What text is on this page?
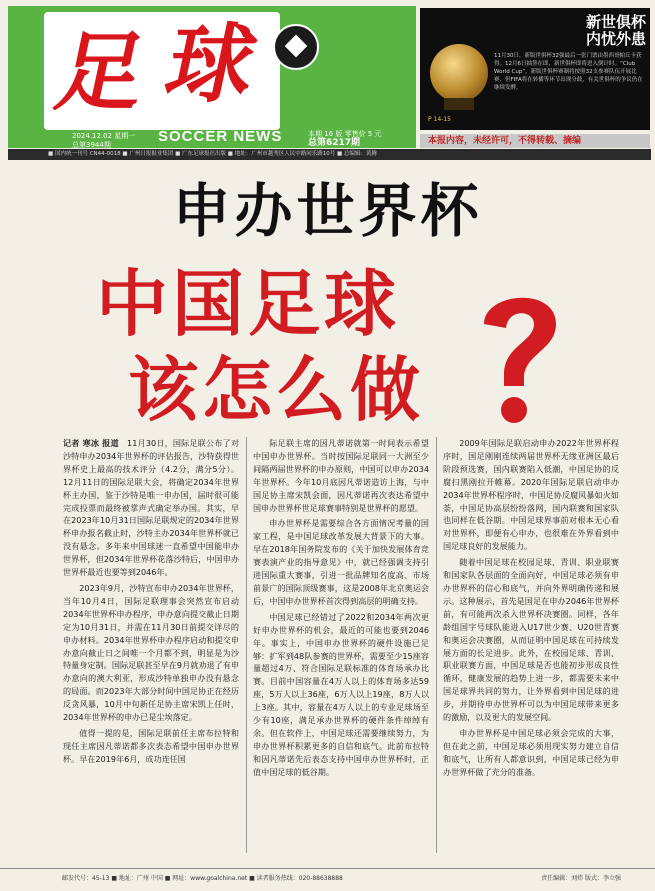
足 球
2024.12.02 星期一
总第3944期	SOCCER NEWS	本期 16 版 零售价 5 元
总第6217期
新世俱杯
内忧外患
11月30日，新版世俱杯32强最后一张门票由墨西哥帕丘卡获得。12月6日抽签在即，新世俱杯即将进入倒计时。“Club World Cup”，新版世俱杯赛制将按照32支参赛队伍开展比赛，但FIFA将在转播等环节出现分歧，有关世俱杯的争议仍在继续发酵。
P 14-15
本报内容，未经许可，不得转载、摘编
■ 国内统一刊号 CN44-0018 ■ 广州日报报业集团 ■ 广东足球报社出版 ■ 地址：广州市越秀区人民中路同乐路10号 ■ 总编辑：黄腾
申办世界杯
中国足球
该怎么做

记者 寒冰 报道　11月30日，国际足联公布了对沙特申办2034年世界杯的评估报告，沙特获得世界杯史上最高的技术评分（4.2分，满分5分）。12月11日的国际足联大会，将确定2034年世界杯主办国，鉴于沙特是唯一申办国，届时很可能完成投票而最终被掌声式确定举办国。其实，早在2023年10月31日国际足联规定的2034年世界杯申办报名截止时，沙特主办2034年世界杯就已没有悬念。多年来中国球迷一直希望中国能申办世界杯，但2034年世界杯花落沙特后，中国申办世界杯最近也要等到2046年。

2023年9月，沙特宣布申办2034年世界杯，当年10月4日，国际足联理事会突然宣布启动2034年世界杯申办程序，申办意向提交截止日期定为10月31日，并需在11月30日前提交详尽的申办材料。2034年世界杯申办程序启动和提交申办意向截止日之间唯一个月都不到，明显是为沙特量身定制。国际足联甚至早在9月就劝退了有申办意向的澳大利亚，形成沙特单独申办没有悬念的局面。而2023年大部分时间中国足协正在经历反贪风暴，10月中旬新任足协主席宋凯上任时，2034年世界杯的申办已是尘埃落定。

值得一提的是，国际足联前任主席布拉特和现任主席因凡蒂诺都多次表态希望中国申办世界杯。早在2019年6月，成功连任国

际足联主席的因凡蒂诺就第一时间表示希望中国申办世界杯。当时按国际足联同一大洲至少间隔两届世界杯的申办原则，中国可以申办2034年世界杯。今年10月底因凡蒂诺造访上海，与中国足协主席宋凯会面，因凡蒂诺再次表达希望中国申办世界杯世足球赛事特别是世界杯的愿望。

申办世界杯是需要综合各方面情况考量的国家工程，是中国足球改革发展大背景下的大事。早在2018年国务院发布的《关于加快发展体育竞赛表演产业的指导意见》中，就已经强调支持引进国际重大赛事，引进一批品牌知名度高、市场前景广的国际顶级赛事，这是2008年北京奥运会后，中国申办世界杯首次得到高层的明确支持。

中国足球已经错过了2022和2034年两次更好申办世界杯的机会，最近的可能也要到2046年。事实上，中国申办世界杯的硬件设施已足够：扩军到48队参赛的世界杯，需要至少15座容量超过4万、符合国际足联标准的体育场承办比赛。目前中国容量在4万人以上的体育场多达59座，5万人以上36座，6万人以上19座，8万人以上3座。其中，容量在4万人以上的专业足球场至少有10座，满足承办世界杯的硬件条件绰绰有余。但在软件上，中国足球还需要继续努力，为申办世界杯积累更多的自信和底气。此前布拉特和因凡蒂诺先后表态支持中国申办世界杯时，正值中国足球的低谷期。

2009年国际足联启动申办2022年世界杯程序时，国足刚刚连续两届世界杯无缘亚洲区最后阶段预选赛，国内联赛陷入低潮，中国足协的反腐扫黑刚拉开帷幕。2020年国际足联启动申办2034年世界杯程序时，中国足协反腐风暴如火如荼，中国足协高层纷纷落网，国内联赛和国家队也同样在低谷期。中国足球界事前对根本无心看对世界杯，即便有心申办，也很难在外界看到中国足球良好的发展能力。

随着中国足球在校园足球、青训、职业联赛和国家队各层面的全面向好，中国足球必须有申办世界杯的信心和底气，并向外界明确传递和展示。这种展示，首先是国足在申办2046年世界杯前，有可能两次杀入世界杯决赛圈。同样，各年龄组国字号球队能进入U17世少赛、U20世青赛和奥运会决赛圈，从而证明中国足球在可持续发展方面的长足进步。此外，在校园足球、青训、职业联赛方面，中国足球是否也能初步形成良性循环，健康发展的趋势上进一步，都需要未来中国足球界共同的努力，让外界看到中国足球的进步，并期待申办世界杯可以为中国足球带来更多的激励，以及更大的发展空间。

申办世界杯是中国足球必须会完成的大事，但在此之前，中国足球必须用现实努力建立自信和底气，让所有人都意识到，中国足球已经为申办世界杯做了充分的准备。

邮发代号：45-13 ■ 地址：广州 中国 ■ 网址：www.goalchina.net ■ 读者服务热线：020-88638888	责任编辑：刘炜 版式：李立强
